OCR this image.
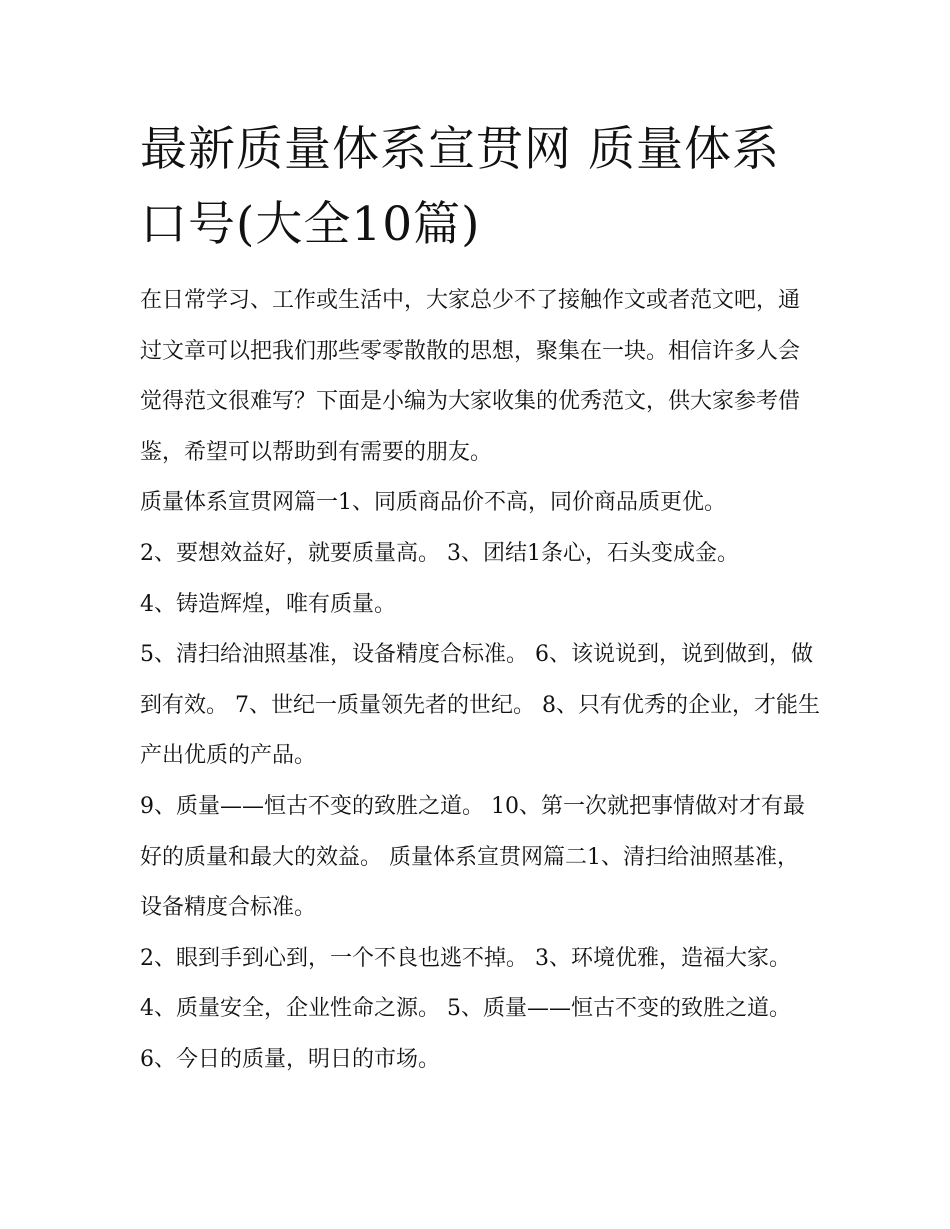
最新质量体系宣贯网 质量体系口号(大全10篇)

在日常学习、工作或生活中，大家总少不了接触作文或者范文吧，通过文章可以把我们那些零零散散的思想，聚集在一块。相信许多人会觉得范文很难写？下面是小编为大家收集的优秀范文，供大家参考借鉴，希望可以帮助到有需要的朋友。

质量体系宣贯网篇一1、同质商品价不高，同价商品质更优。

2、要想效益好，就要质量高。 3、团结1条心，石头变成金。

4、铸造辉煌，唯有质量。

5、清扫给油照基准，设备精度合标准。 6、该说说到，说到做到，做到有效。 7、世纪一质量领先者的世纪。 8、只有优秀的企业，才能生产出优质的产品。

9、质量——恒古不变的致胜之道。 10、第一次就把事情做对才有最好的质量和最大的效益。 质量体系宣贯网篇二1、清扫给油照基准，设备精度合标准。

2、眼到手到心到，一个不良也逃不掉。 3、环境优雅，造福大家。 4、质量安全，企业性命之源。 5、质量——恒古不变的致胜之道。 6、今日的质量，明日的市场。
